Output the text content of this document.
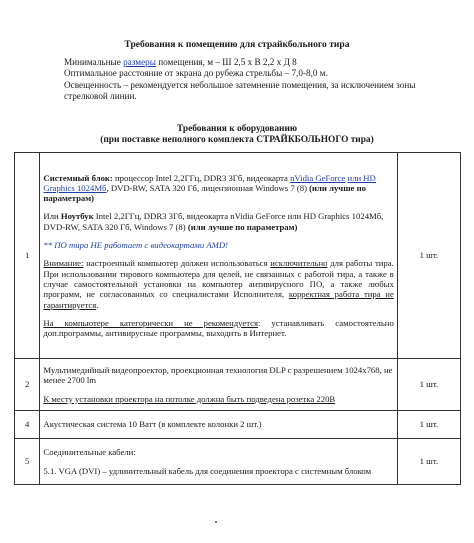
Требования к помещению для страйкбольного тира

Минимальные размеры помещения, м – Ш 2,5 х В 2,2 х Д 8

Оптимальное расстояние от экрана до рубежа стрельбы – 7,0-8,0 м.

Освещенность – рекомендуется небольшое затемнение помещения, за исключением зоны стрелковой линии.

Требования к оборудованию
(при поставке неполного комплекта СТРАЙКБОЛЬНОГО тира)
1	Системный блок: процессор Intel 2,2ГГц, DDR3 3Гб, видеокарта nVidia GeForce или HD Graphics 1024Мб, DVD-RW, SATA 320 Гб, лицензионная Windows 7 (8) (или лучше по параметрам)

Или Ноутбук Intel 2,2ГГц, DDR3 3Гб, видеокарта nVidia GeForce или HD Graphics 1024Мб, DVD-RW, SATA 320 Гб, Windows 7 (8) (или лучше по параметрам)

** ПО тира НЕ работает с видеокартами AMD!

Внимание: настроенный компьютер должен использоваться исключительно для работы тира. При использовании тирового компьютера для целей, не связанных с работой тира, а также в случае самостоятельной установки на компьютер антивирусного ПО, а также любых программ, не согласованных со специалистами Исполнителя, корректная работа тира не гарантируется.

На компьютере категорически не рекомендуется: устанавливать самостоятельно доп.программы, антивирусные программы, выходить в Интернет.	1 шт.
2	Мультимедийный видеопроектор, проекционная технология DLP с разрешением 1024х768, не менее 2700 lm

К месту установки проектора на потолке должна быть подведена розетка 220В	1 шт.
4	Акустическая система 10 Ватт (в комплекте колонки 2 шт.)	1 шт.
5	Соединительные кабели:

5.1. VGA (DVI) – удлинительный кабель для соединения проектора с системным блоком	1 шт.
